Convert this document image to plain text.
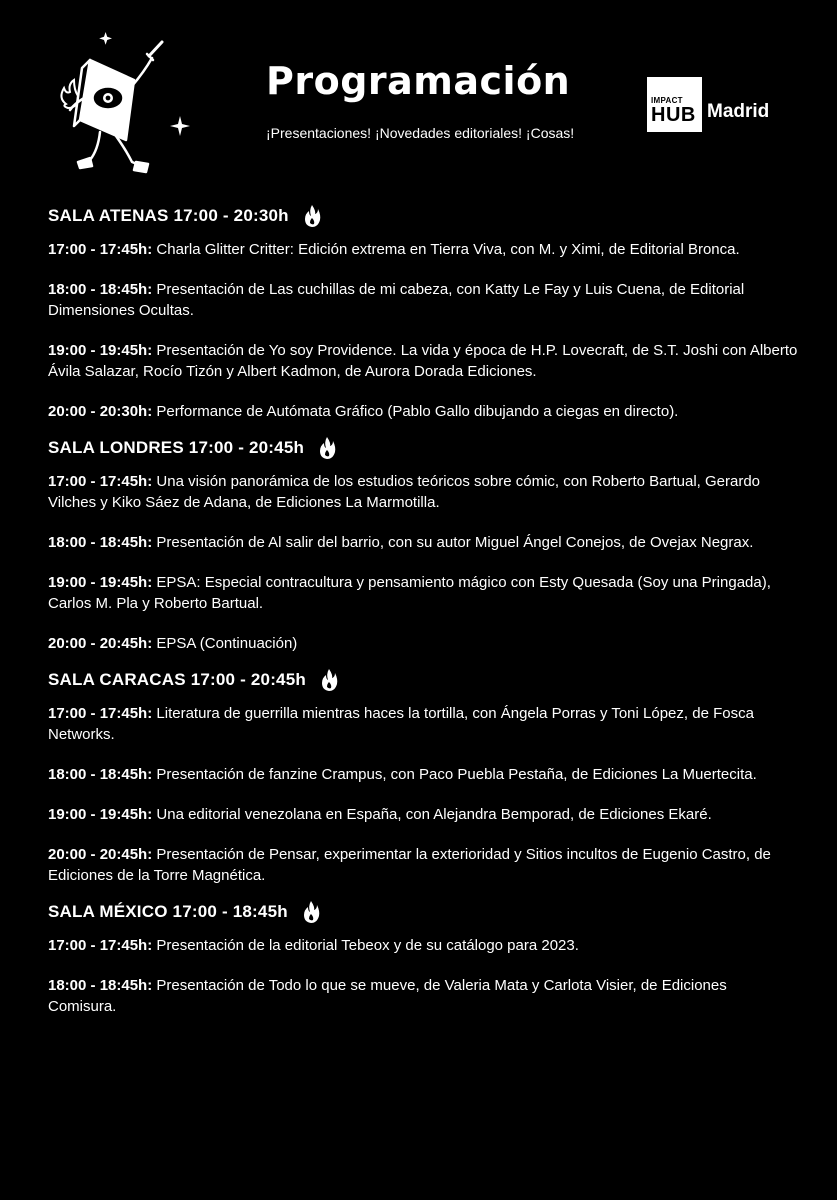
Programación
¡Presentaciones! ¡Novedades editoriales! ¡Cosas!
IMPACT
HUB Madrid
SALA ATENAS 17:00 - 20:30h
17:00 - 17:45h: Charla Glitter Critter: Edición extrema en Tierra Viva, con M. y Ximi, de Editorial Bronca.
18:00 - 18:45h: Presentación de Las cuchillas de mi cabeza, con Katty Le Fay y Luis Cuena, de Editorial Dimensiones Ocultas.
19:00 - 19:45h: Presentación de Yo soy Providence. La vida y época de H.P. Lovecraft, de S.T. Joshi con Alberto Ávila Salazar, Rocío Tizón y Albert Kadmon, de Aurora Dorada Ediciones.
20:00 - 20:30h: Performance de Autómata Gráfico (Pablo Gallo dibujando a ciegas en directo).
SALA LONDRES 17:00 - 20:45h
17:00 - 17:45h: Una visión panorámica de los estudios teóricos sobre cómic, con Roberto Bartual, Gerardo Vilches y Kiko Sáez de Adana, de Ediciones La Marmotilla.
18:00 - 18:45h: Presentación de Al salir del barrio, con su autor Miguel Ángel Conejos, de Ovejax Negrax.
19:00 - 19:45h: EPSA: Especial contracultura y pensamiento mágico con Esty Quesada (Soy una Pringada), Carlos M. Pla y Roberto Bartual.
20:00 - 20:45h: EPSA (Continuación)
SALA CARACAS 17:00 - 20:45h
17:00 - 17:45h: Literatura de guerrilla mientras haces la tortilla, con Ángela Porras y Toni López, de Fosca Networks.
18:00 - 18:45h: Presentación de fanzine Crampus, con Paco Puebla Pestaña, de Ediciones La Muertecita.
19:00 - 19:45h: Una editorial venezolana en España, con Alejandra Bemporad, de Ediciones Ekaré.
20:00 - 20:45h: Presentación de Pensar, experimentar la exterioridad y Sitios incultos de Eugenio Castro, de Ediciones de la Torre Magnética.
SALA MÉXICO 17:00 - 18:45h
17:00 - 17:45h: Presentación de la editorial Tebeox y de su catálogo para 2023.
18:00 - 18:45h: Presentación de Todo lo que se mueve, de Valeria Mata y Carlota Visier, de Ediciones Comisura.
